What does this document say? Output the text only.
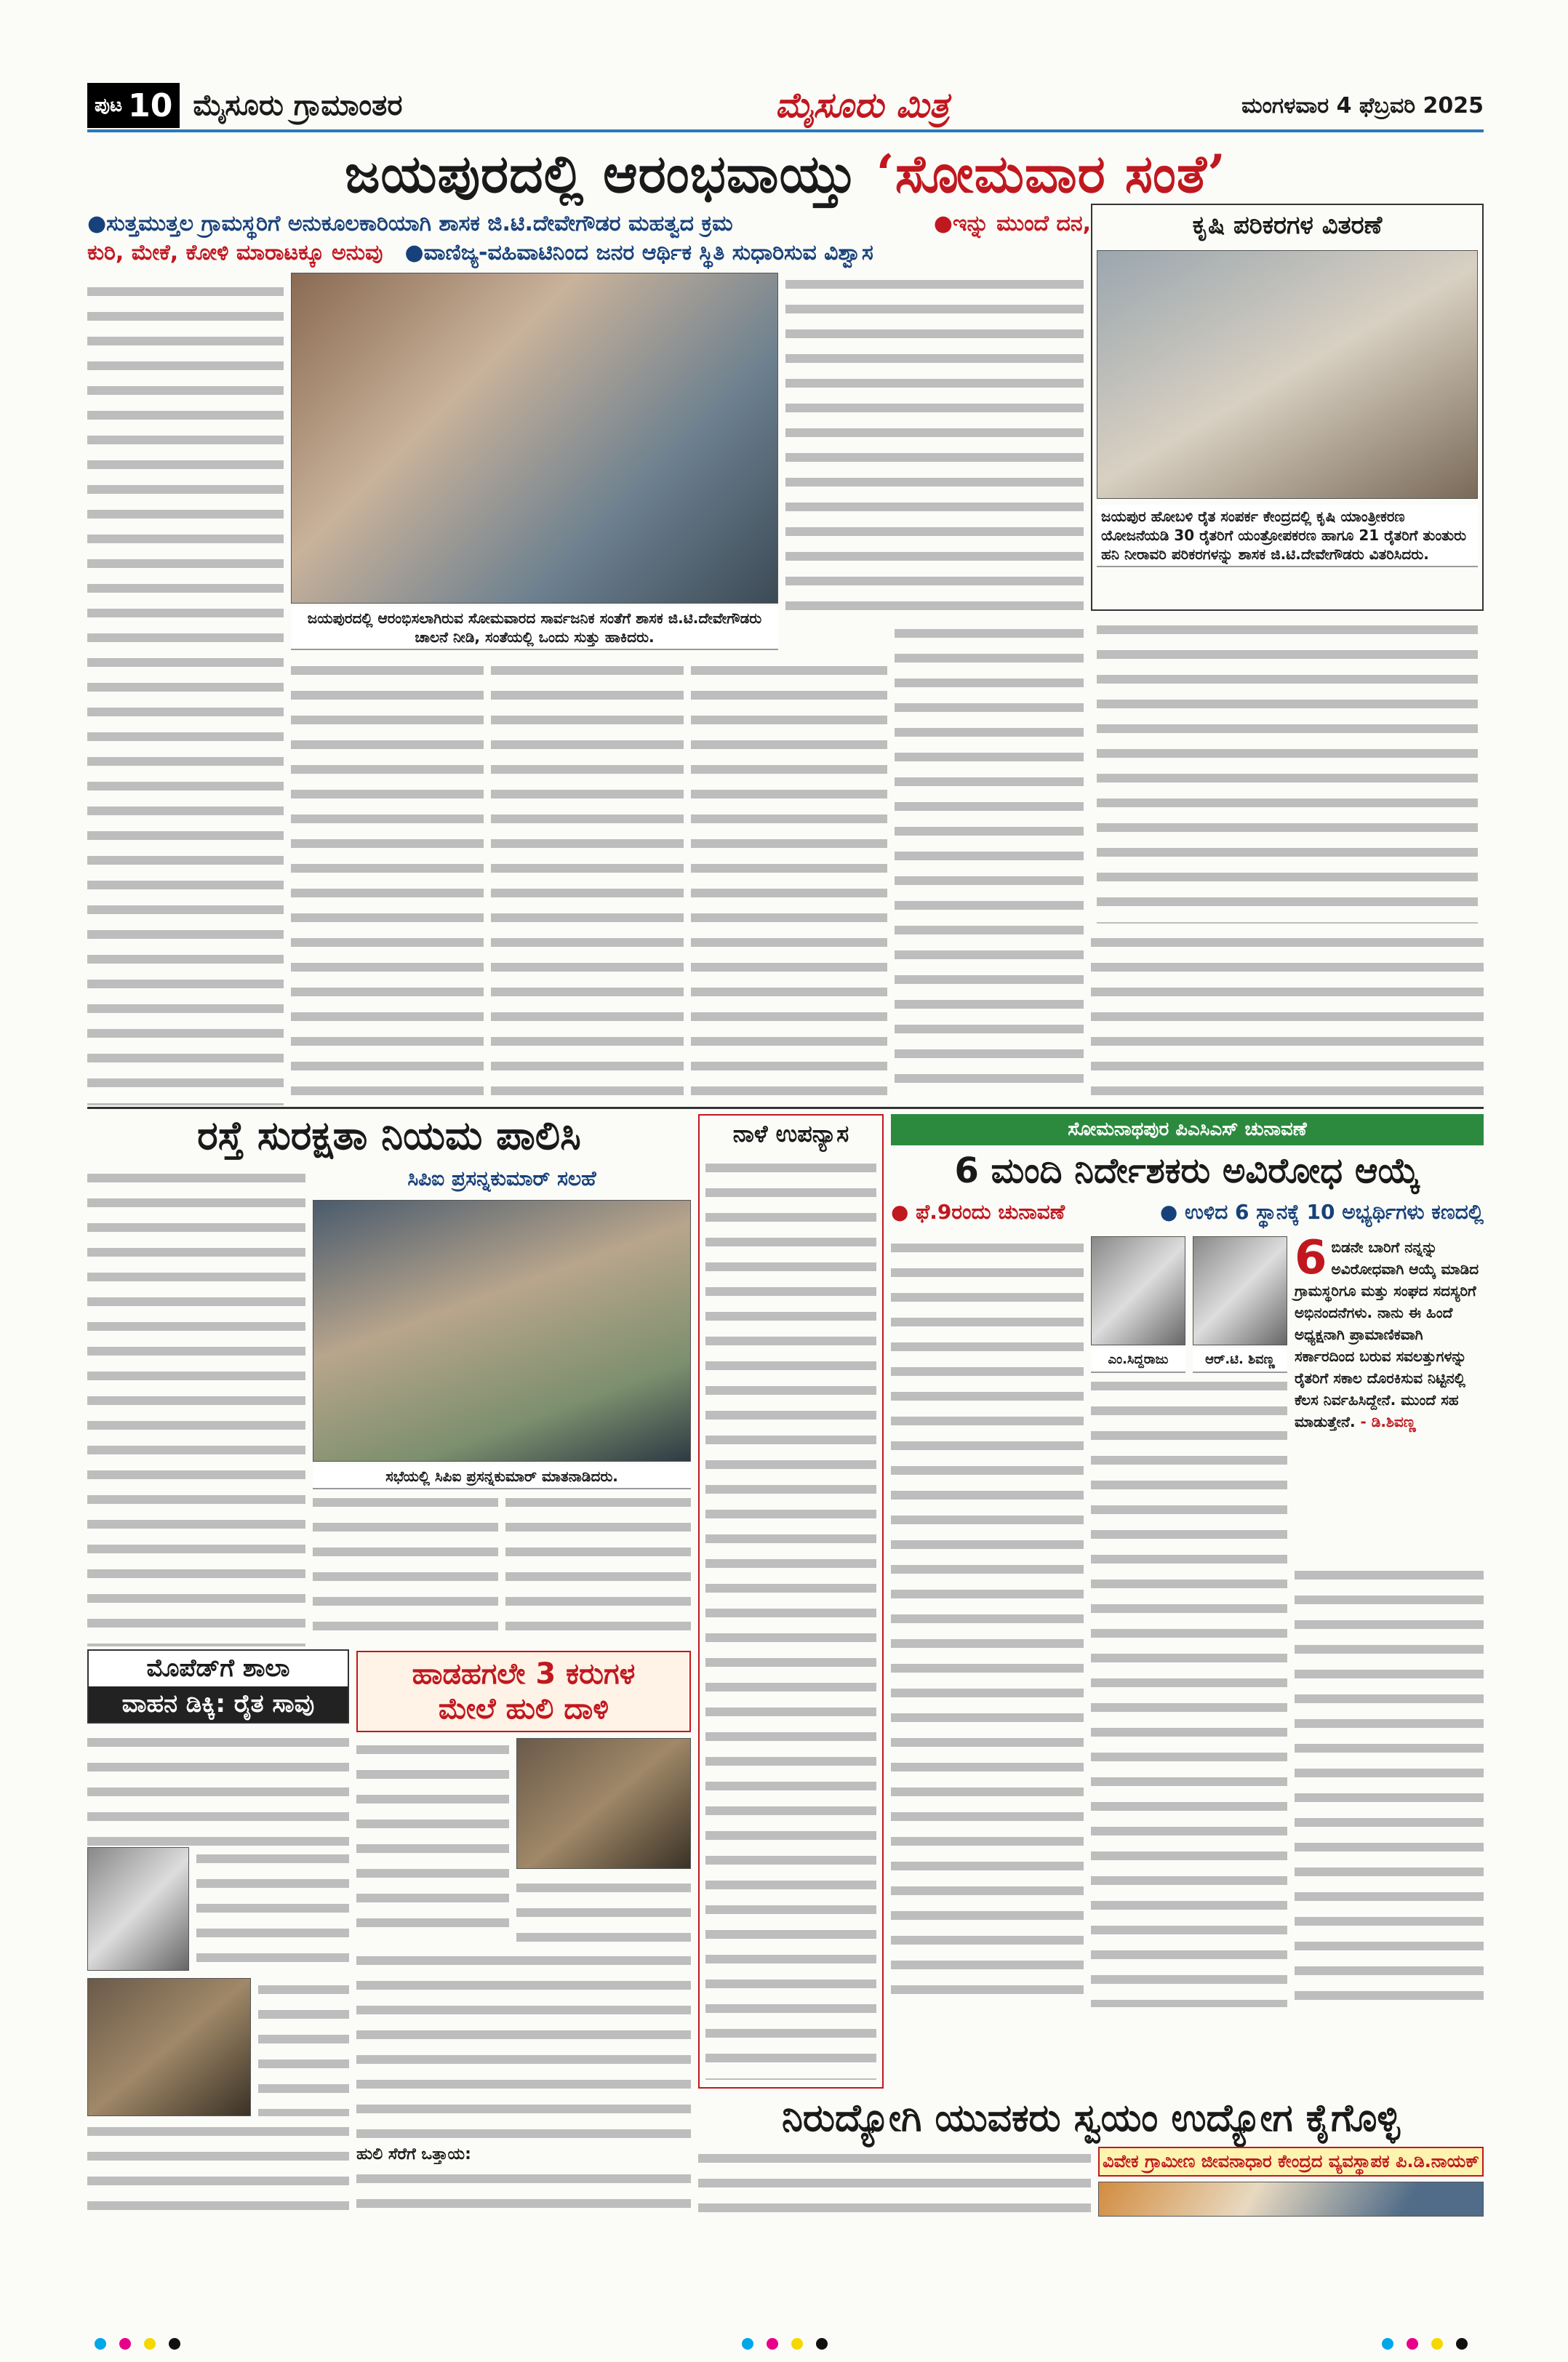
ಪುಟ 10 ಮೈಸೂರು ಗ್ರಾಮಾಂತರ	ಮೈಸೂರು ಮಿತ್ರ	ಮಂಗಳವಾರ 4 ಫೆಬ್ರವರಿ 2025
ಜಯಪುರದಲ್ಲಿ ಆರಂಭವಾಯ್ತು ‘ಸೋಮವಾರ ಸಂತೆ’
●ಸುತ್ತಮುತ್ತಲ ಗ್ರಾಮಸ್ಥರಿಗೆ ಅನುಕೂಲಕಾರಿಯಾಗಿ ಶಾಸಕ ಜಿ.ಟಿ.ದೇವೇಗೌಡರ ಮಹತ್ವದ ಕ್ರಮ	●ಇನ್ನು ಮುಂದೆ ದನ,
ಕುರಿ, ಮೇಕೆ, ಕೋಳಿ ಮಾರಾಟಕ್ಕೂ ಅನುವು ●ವಾಣಿಜ್ಯ-ವಹಿವಾಟಿನಿಂದ ಜನರ ಆರ್ಥಿಕ ಸ್ಥಿತಿ ಸುಧಾರಿಸುವ ವಿಶ್ವಾಸ
ಕೃಷಿ ಪರಿಕರಗಳ ವಿತರಣೆ
ಜಯಪುರ ಹೋಬಳಿ ರೈತ ಸಂಪರ್ಕ ಕೇಂದ್ರದಲ್ಲಿ ಕೃಷಿ ಯಾಂತ್ರೀಕರಣ ಯೋಜನೆಯಡಿ 30 ರೈತರಿಗೆ ಯಂತ್ರೋಪಕರಣ ಹಾಗೂ 21 ರೈತರಿಗೆ ತುಂತುರು ಹನಿ ನೀರಾವರಿ ಪರಿಕರಗಳನ್ನು ಶಾಸಕ ಜಿ.ಟಿ.ದೇವೇಗೌಡರು ವಿತರಿಸಿದರು.
ಜಯಪುರದಲ್ಲಿ ಆರಂಭಿಸಲಾಗಿರುವ ಸೋಮವಾರದ ಸಾರ್ವಜನಿಕ ಸಂತೆಗೆ ಶಾಸಕ ಜಿ.ಟಿ.ದೇವೇಗೌಡರು ಚಾಲನೆ ನೀಡಿ, ಸಂತೆಯಲ್ಲಿ ಒಂದು ಸುತ್ತು ಹಾಕಿದರು.
ರಸ್ತೆ ಸುರಕ್ಷತಾ ನಿಯಮ ಪಾಲಿಸಿ
ಸಿಪಿಐ ಪ್ರಸನ್ನಕುಮಾರ್ ಸಲಹೆ
ಸಭೆಯಲ್ಲಿ ಸಿಪಿಐ ಪ್ರಸನ್ನಕುಮಾರ್ ಮಾತನಾಡಿದರು.
ನಾಳೆ ಉಪನ್ಯಾಸ	ಸೋಮನಾಥಪುರ ಪಿಎಸಿಎಸ್ ಚುನಾವಣೆ
6 ಮಂದಿ ನಿರ್ದೇಶಕರು ಅವಿರೋಧ ಆಯ್ಕೆ
● ಫೆ.9ರಂದು ಚುನಾವಣೆ	● ಉಳಿದ 6 ಸ್ಥಾನಕ್ಕೆ 10 ಅಭ್ಯರ್ಥಿಗಳು ಕಣದಲ್ಲಿ
ಎಂ.ಸಿದ್ದರಾಜು	ಆರ್.ಟಿ. ಶಿವಣ್ಣ
6 ಬಿಡನೇ ಬಾರಿಗೆ ನನ್ನನ್ನು ಅವಿರೋಧವಾಗಿ ಆಯ್ಕೆ ಮಾಡಿದ ಗ್ರಾಮಸ್ಥರಿಗೂ ಮತ್ತು ಸಂಘದ ಸದಸ್ಯರಿಗೆ ಅಭಿನಂದನೆಗಳು. ನಾನು ಈ ಹಿಂದೆ ಅಧ್ಯಕ್ಷನಾಗಿ ಪ್ರಾಮಾಣಿಕವಾಗಿ ಸರ್ಕಾರದಿಂದ ಬರುವ ಸವಲತ್ತುಗಳನ್ನು ರೈತರಿಗೆ ಸಕಾಲ ದೊರಕಿಸುವ ನಿಟ್ಟಿನಲ್ಲಿ ಕೆಲಸ ನಿರ್ವಹಿಸಿದ್ದೇನೆ. ಮುಂದೆ ಸಹ ಮಾಡುತ್ತೇನೆ. - ಡಿ.ಶಿವಣ್ಣ
ಮೊಪೆಡ್‌ಗೆ ಶಾಲಾ
ವಾಹನ ಡಿಕ್ಕಿ: ರೈತ ಸಾವು
ಹಾಡಹಗಲೇ 3 ಕರುಗಳ
ಮೇಲೆ ಹುಲಿ ದಾಳಿ
ಹುಲಿ ಸೆರೆಗೆ ಒತ್ತಾಯ:
ನಿರುದ್ಯೋಗಿ ಯುವಕರು ಸ್ವಯಂ ಉದ್ಯೋಗ ಕೈಗೊಳ್ಳಿ
ವಿವೇಕ ಗ್ರಾಮೀಣ ಜೀವನಾಧಾರ ಕೇಂದ್ರದ ವ್ಯವಸ್ಥಾಪಕ ಪಿ.ಡಿ.ನಾಯಕ್
